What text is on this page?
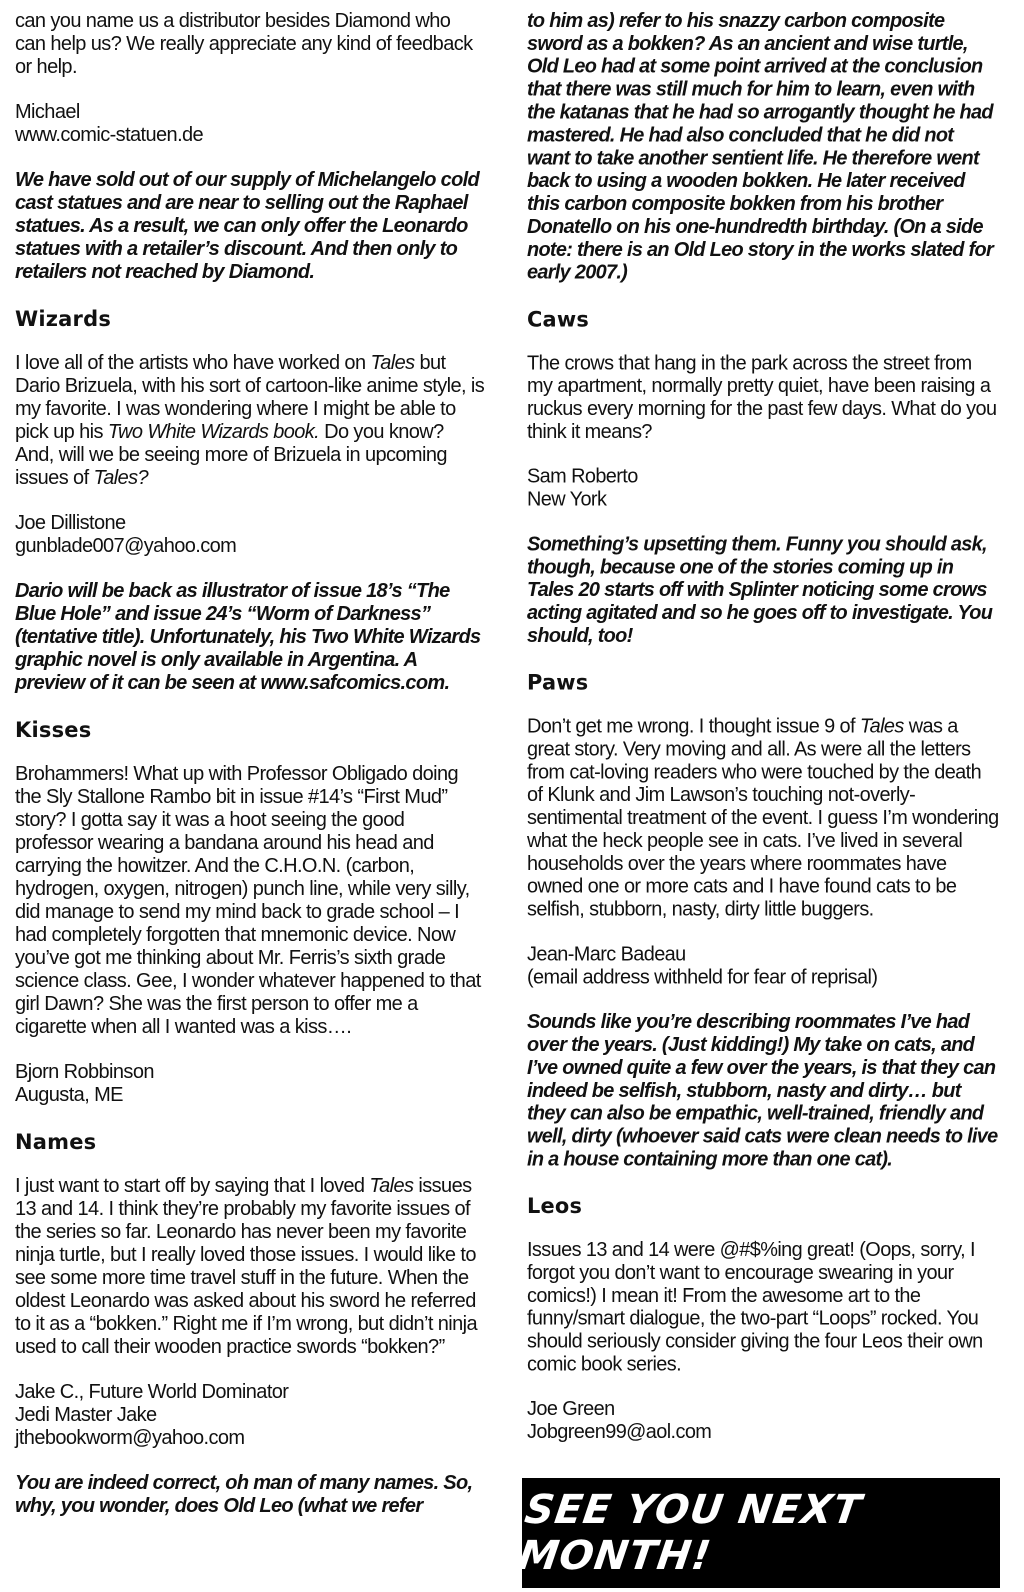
can you name us a distributor besides Diamond who can help us? We really appreciate any kind of feedback or help.

Michael
www.comic-statuen.de

We have sold out of our supply of Michelangelo cold cast statues and are near to selling out the Raphael statues. As a result, we can only offer the Leonardo statues with a retailer’s discount. And then only to retailers not reached by Diamond.

Wizards

I love all of the artists who have worked on Tales but Dario Brizuela, with his sort of cartoon-like anime style, is my favorite. I was wondering where I might be able to pick up his Two White Wizards book. Do you know? And, will we be seeing more of Brizuela in upcoming issues of Tales?

Joe Dillistone
gunblade007@yahoo.com

Dario will be back as illustrator of issue 18’s “The Blue Hole” and issue 24’s “Worm of Darkness” (tentative title). Unfortunately, his Two White Wizards graphic novel is only available in Argentina. A preview of it can be seen at www.safcomics.com.

Kisses

Brohammers! What up with Professor Obligado doing the Sly Stallone Rambo bit in issue #14’s “First Mud” story? I gotta say it was a hoot seeing the good professor wearing a bandana around his head and carrying the howitzer. And the C.H.O.N. (carbon, hydrogen, oxygen, nitrogen) punch line, while very silly, did manage to send my mind back to grade school – I had completely forgotten that mnemonic device. Now you’ve got me thinking about Mr. Ferris’s sixth grade science class. Gee, I wonder whatever happened to that girl Dawn? She was the first person to offer me a cigarette when all I wanted was a kiss….

Bjorn Robbinson
Augusta, ME
Names

I just want to start off by saying that I loved Tales issues 13 and 14. I think they’re probably my favorite issues of the series so far. Leonardo has never been my favorite ninja turtle, but I really loved those issues. I would like to see some more time travel stuff in the future. When the oldest Leonardo was asked about his sword he referred to it as a “bokken.” Right me if I’m wrong, but didn’t ninja used to call their wooden practice swords “bokken?”

Jake C., Future World Dominator
Jedi Master Jake
jthebookworm@yahoo.com

You are indeed correct, oh man of many names. So, why, you wonder, does Old Leo (what we refer

to him as) refer to his snazzy carbon composite sword as a bokken? As an ancient and wise turtle, Old Leo had at some point arrived at the conclusion that there was still much for him to learn, even with the katanas that he had so arrogantly thought he had mastered. He had also concluded that he did not want to take another sentient life. He therefore went back to using a wooden bokken. He later received this carbon composite bokken from his brother Donatello on his one-hundredth birthday. (On a side note: there is an Old Leo story in the works slated for early 2007.)

Caws

The crows that hang in the park across the street from my apartment, normally pretty quiet, have been raising a ruckus every morning for the past few days. What do you think it means?

Sam Roberto
New York

Something’s upsetting them. Funny you should ask, though, because one of the stories coming up in Tales 20 starts off with Splinter noticing some crows acting agitated and so he goes off to investigate. You should, too!

Paws

Don’t get me wrong. I thought issue 9 of Tales was a great story. Very moving and all. As were all the letters from cat-loving readers who were touched by the death of Klunk and Jim Lawson’s touching not-overly-sentimental treatment of the event. I guess I’m wondering what the heck people see in cats. I’ve lived in several households over the years where roommates have owned one or more cats and I have found cats to be selfish, stubborn, nasty, dirty little buggers.

Jean-Marc Badeau
(email address withheld for fear of reprisal)

Sounds like you’re describing roommates I’ve had over the years. (Just kidding!) My take on cats, and I’ve owned quite a few over the years, is that they can indeed be selfish, stubborn, nasty and dirty… but they can also be empathic, well-trained, friendly and well, dirty (whoever said cats were clean needs to live in a house containing more than one cat).

Leos

Issues 13 and 14 were @#$%ing great! (Oops, sorry, I forgot you don’t want to encourage swearing in your comics!) I mean it! From the awesome art to the funny/smart dialogue, the two-part “Loops” rocked. You should seriously consider giving the four Leos their own comic book series.

Joe Green
Jobgreen99@aol.com
SEE YOU NEXT MONTH!
